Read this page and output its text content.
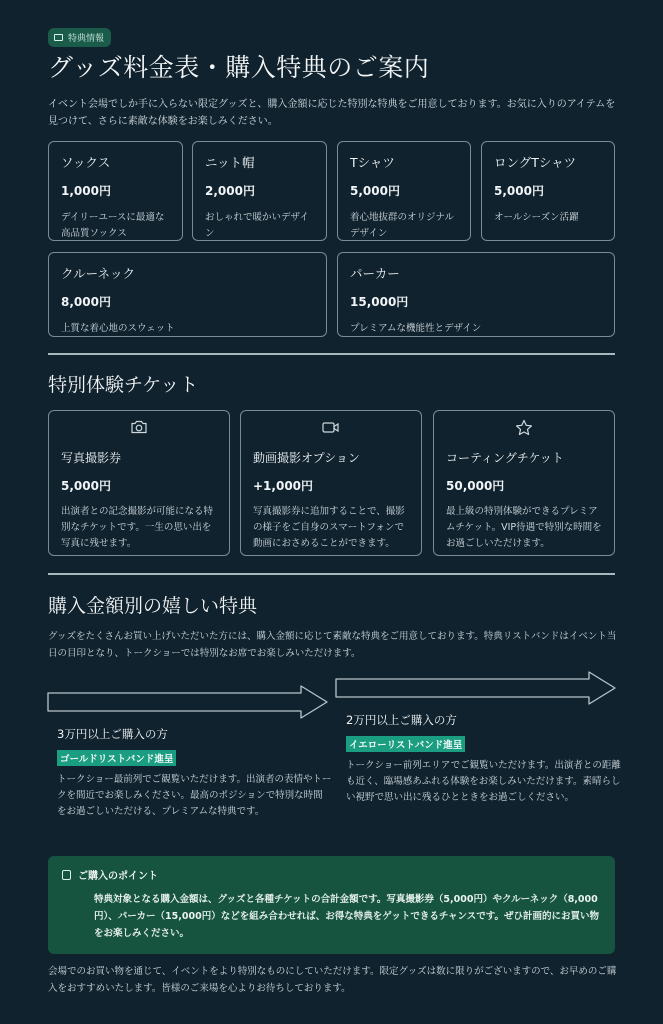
特典情報
グッズ料金表・購入特典のご案内

イベント会場でしか手に入らない限定グッズと、購入金額に応じた特別な特典をご用意しております。お気に入りのアイテムを見つけて、さらに素敵な体験をお楽しみください。

ソックス
1,000円
デイリーユースに最適な高品質ソックス
ニット帽
2,000円
おしゃれで暖かいデザイン
Tシャツ
5,000円
着心地抜群のオリジナルデザイン
ロングTシャツ
5,000円
オールシーズン活躍
クルーネック
8,000円
上質な着心地のスウェット
パーカー
15,000円
プレミアムな機能性とデザイン
特別体験チケット
写真撮影券
5,000円
出演者との記念撮影が可能になる特別なチケットです。一生の思い出を写真に残せます。
動画撮影オプション
+1,000円
写真撮影券に追加することで、撮影の様子をご自身のスマートフォンで動画におさめることができます。
コーティングチケット
50,000円
最上級の特別体験ができるプレミアムチケット。VIP待遇で特別な時間をお過ごしいただけます。
購入金額別の嬉しい特典

グッズをたくさんお買い上げいただいた方には、購入金額に応じて素敵な特典をご用意しております。特典リストバンドはイベント当日の目印となり、トークショーでは特別なお席でお楽しみいただけます。

3万円以上ご購入の方
ゴールドリストバンド進呈
トークショー最前列でご観覧いただけます。出演者の表情やトークを間近でお楽しみください。最高のポジションで特別な時間をお過ごしいただける、プレミアムな特典です。
2万円以上ご購入の方
イエローリストバンド進呈
トークショー前列エリアでご観覧いただけます。出演者との距離も近く、臨場感あふれる体験をお楽しみいただけます。素晴らしい視野で思い出に残るひとときをお過ごしください。
ご購入のポイント
特典対象となる購入金額は、グッズと各種チケットの合計金額です。写真撮影券（5,000円）やクルーネック（8,000円）、パーカー（15,000円）などを組み合わせれば、お得な特典をゲットできるチャンスです。ぜひ計画的にお買い物をお楽しみください。

会場でのお買い物を通じて、イベントをより特別なものにしていただけます。限定グッズは数に限りがございますので、お早めのご購入をおすすめいたします。皆様のご来場を心よりお待ちしております。
